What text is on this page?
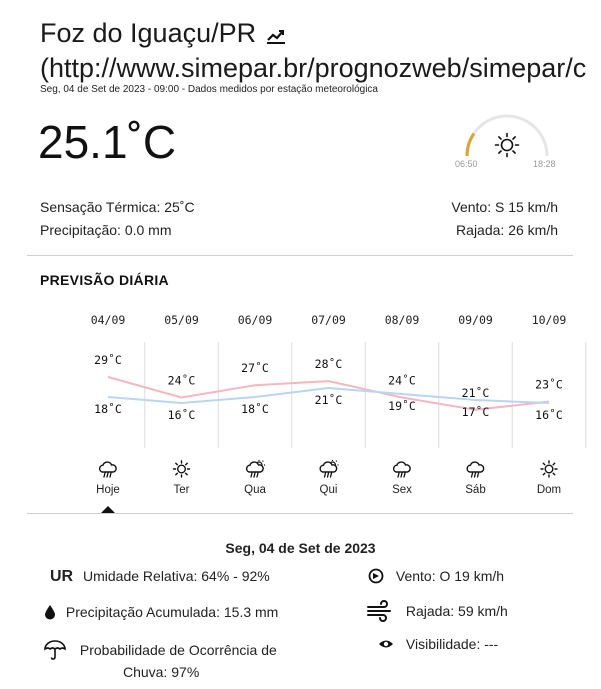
Foz do Iguaçu/PR
(http://www.simepar.br/prognozweb/simepar/c
Seg, 04 de Set de 2023 - 09:00 - Dados medidos por estação meteorológica
25.1˚C	06:50	18:28
Sensação Térmica: 25˚C
Precipitação: 0.0 mm
Vento: S 15 km/h
Rajada: 26 km/h
PREVISÃO DIÁRIA
04/09
29˚C
18˚C
Hoje
05/09
24˚C
16˚C
Ter
06/09
27˚C
18˚C
Qua
07/09
28˚C
21˚C
Qui
08/09
24˚C
19˚C
Sex
09/09
21˚C
17˚C
Sáb
10/09
23˚C
16˚C
Dom
Seg, 04 de Set de 2023
UR Umidade Relativa: 64% - 92%
Precipitação Acumulada: 15.3 mm
Probabilidade de Ocorrência de
Chuva: 97%
Vento: O 19 km/h
Rajada: 59 km/h
Visibilidade: ---
